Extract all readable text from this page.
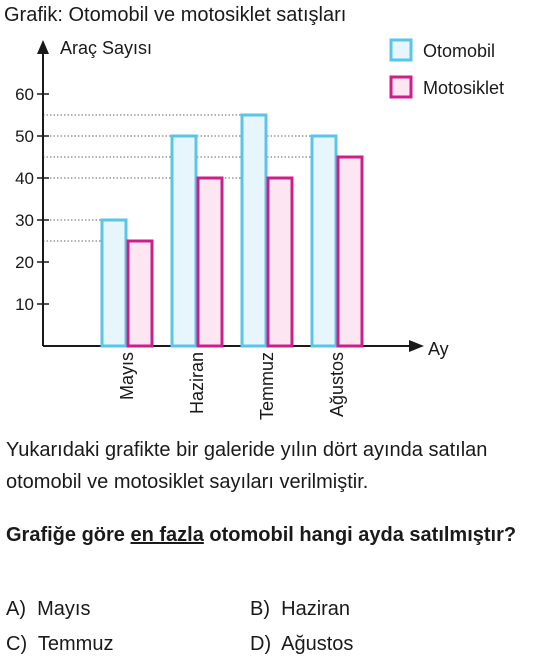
Grafik: Otomobil ve motosiklet satışları
Araç Sayısı
Ay
10
20
30
40
50
60
Mayıs	Haziran	Temmuz	Ağustos
Otomobil
Motosiklet
Yukarıdaki grafikte bir galeride yılın dört ayında satılan otomobil ve motosiklet sayıları verilmiştir.
Grafiğe göre en fazla otomobil hangi ayda satılmıştır?
A) Mayıs	B) Haziran
C) Temmuz	D) Ağustos
